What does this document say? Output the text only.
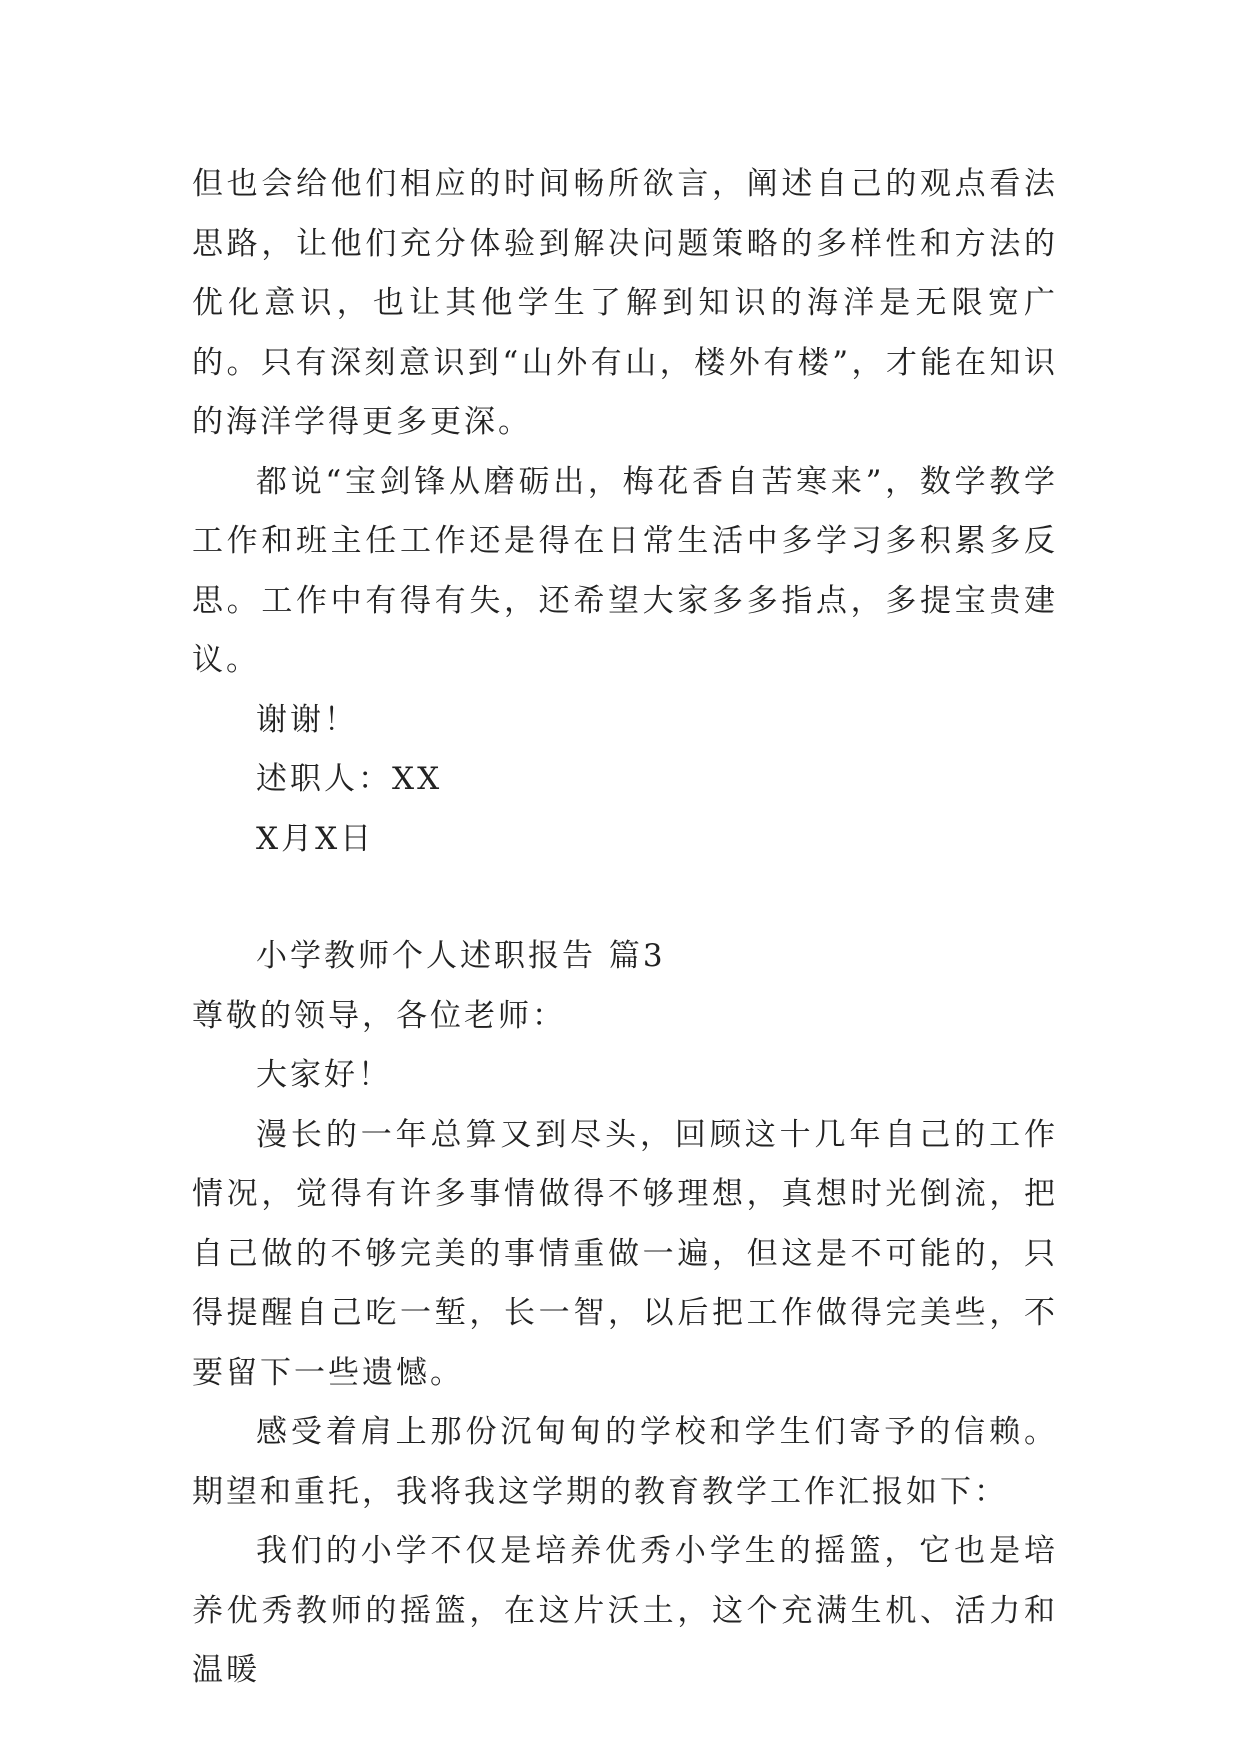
但也会给他们相应的时间畅所欲言，阐述自己的观点看法思路，让他们充分体验到解决问题策略的多样性和方法的优化意识，也让其他学生了解到知识的海洋是无限宽广的。只有深刻意识到“山外有山，楼外有楼”，才能在知识的海洋学得更多更深。

都说“宝剑锋从磨砺出，梅花香自苦寒来”，数学教学工作和班主任工作还是得在日常生活中多学习多积累多反思。工作中有得有失，还希望大家多多指点，多提宝贵建议。

谢谢！

述职人：XX

X月X日

小学教师个人述职报告 篇3

尊敬的领导，各位老师：

大家好！

漫长的一年总算又到尽头，回顾这十几年自己的工作情况，觉得有许多事情做得不够理想，真想时光倒流，把自己做的不够完美的事情重做一遍，但这是不可能的，只得提醒自己吃一堑，长一智，以后把工作做得完美些，不要留下一些遗憾。

感受着肩上那份沉甸甸的学校和学生们寄予的信赖。期望和重托，我将我这学期的教育教学工作汇报如下：

我们的小学不仅是培养优秀小学生的摇篮，它也是培养优秀教师的摇篮，在这片沃土，这个充满生机、活力和温暖
